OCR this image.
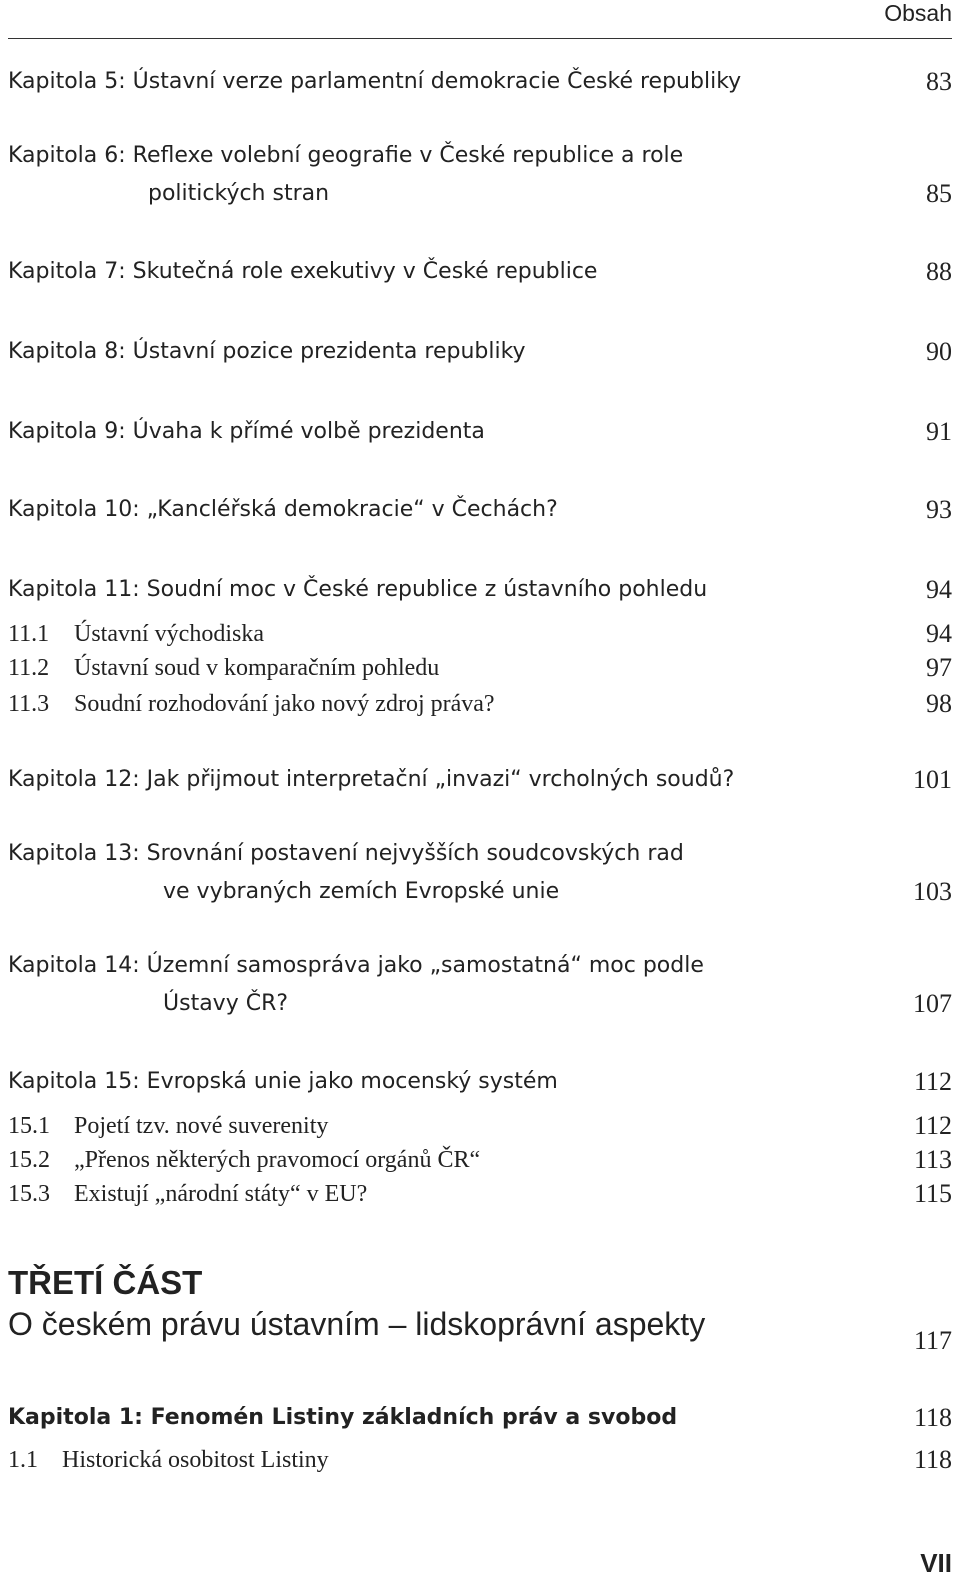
Obsah
Kapitola 5: Ústavní verze parlamentní demokracie České republiky	83
Kapitola 6: Reflexe volební geografie v České republice a role
politických stran	85
Kapitola 7: Skutečná role exekutivy v České republice	88
Kapitola 8: Ústavní pozice prezidenta republiky	90
Kapitola 9: Úvaha k přímé volbě prezidenta	91
Kapitola 10: „Kancléřská demokracie“ v Čechách?	93
Kapitola 11: Soudní moc v České republice z ústavního pohledu	94
11.1 Ústavní východiska	94
11.2 Ústavní soud v komparačním pohledu	97
11.3 Soudní rozhodování jako nový zdroj práva?	98
Kapitola 12: Jak přijmout interpretační „invazi“ vrcholných soudů?	101
Kapitola 13: Srovnání postavení nejvyšších soudcovských rad
ve vybraných zemích Evropské unie	103
Kapitola 14: Územní samospráva jako „samostatná“ moc podle
Ústavy ČR?	107
Kapitola 15: Evropská unie jako mocenský systém	112
15.1 Pojetí tzv. nové suverenity	112
15.2 „Přenos některých pravomocí orgánů ČR“	113
15.3 Existují „národní státy“ v EU?	115
TŘETÍ ČÁST
O českém právu ústavním – lidskoprávní aspekty	117
Kapitola 1: Fenomén Listiny základních práv a svobod	118
1.1 Historická osobitost Listiny	118
VII
